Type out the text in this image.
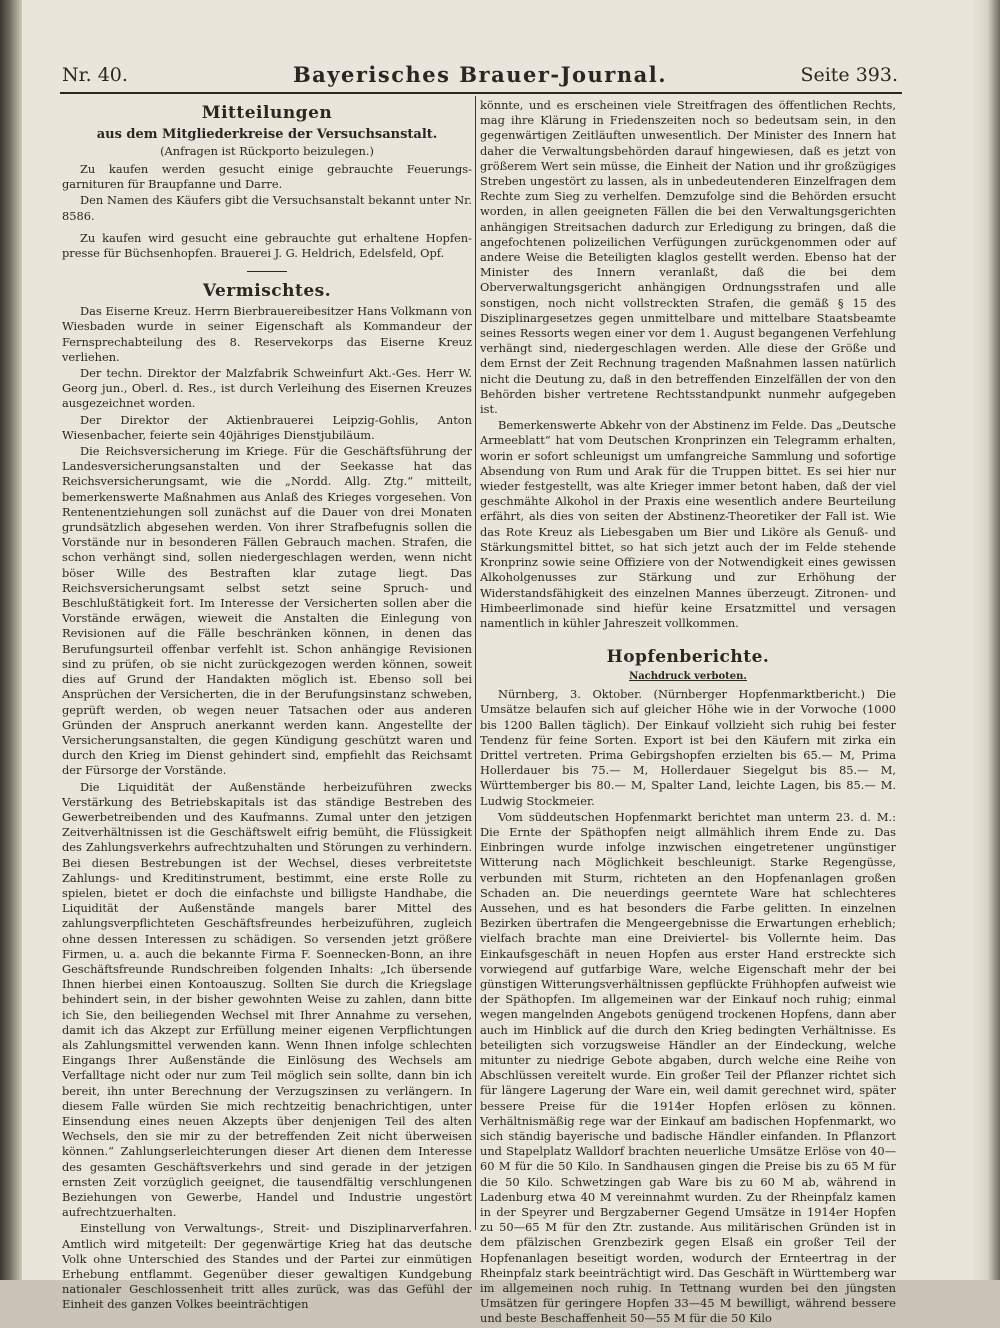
Nr. 40.	Bayerisches Brauer-Journal.	Seite 393.
Mitteilungen
aus dem Mitgliederkreise der Versuchsanstalt.
(Anfragen ist Rückporto beizulegen.)

Zu kaufen werden gesucht einige gebrauchte Feuerungs-garnituren für Braupfanne und Darre.

Den Namen des Käufers gibt die Versuchsanstalt bekannt unter Nr. 8586.

Zu kaufen wird gesucht eine gebrauchte gut erhaltene Hopfen-presse für Büchsenhopfen. Brauerei J. G. Heldrich, Edelsfeld, Opf.

Vermischtes.

Das Eiserne Kreuz. Herrn Bierbrauereibesitzer Hans Volkmann von Wiesbaden wurde in seiner Eigenschaft als Kommandeur der Fernsprechabteilung des 8. Reservekorps das Eiserne Kreuz verliehen.

Der techn. Direktor der Malzfabrik Schweinfurt Akt.-Ges. Herr W. Georg jun., Oberl. d. Res., ist durch Verleihung des Eisernen Kreuzes ausgezeichnet worden.

Der Direktor der Aktienbrauerei Leipzig-Gohlis, Anton Wiesenbacher, feierte sein 40jähriges Dienstjubiläum.

Die Reichsversicherung im Kriege. Für die Geschäftsführung der Landesversicherungsanstalten und der Seekasse hat das Reichsversicherungsamt, wie die „Nordd. Allg. Ztg.“ mitteilt, bemerkenswerte Maßnahmen aus Anlaß des Krieges vorgesehen. Von Rentenentziehungen soll zunächst auf die Dauer von drei Monaten grundsätzlich abgesehen werden. Von ihrer Strafbefugnis sollen die Vorstände nur in besonderen Fällen Gebrauch machen. Strafen, die schon verhängt sind, sollen niedergeschlagen werden, wenn nicht böser Wille des Bestraften klar zutage liegt. Das Reichsversicherungsamt selbst setzt seine Spruch- und Beschlußtätigkeit fort. Im Interesse der Versicherten sollen aber die Vorstände erwägen, wieweit die Anstalten die Einlegung von Revisionen auf die Fälle beschränken können, in denen das Berufungsurteil offenbar verfehlt ist. Schon anhängige Revisionen sind zu prüfen, ob sie nicht zurückgezogen werden können, soweit dies auf Grund der Handakten möglich ist. Ebenso soll bei Ansprüchen der Versicherten, die in der Berufungsinstanz schweben, geprüft werden, ob wegen neuer Tatsachen oder aus anderen Gründen der Anspruch anerkannt werden kann. Angestellte der Versicherungsanstalten, die gegen Kündigung geschützt waren und durch den Krieg im Dienst gehindert sind, empfiehlt das Reichsamt der Fürsorge der Vorstände.

Die Liquidität der Außenstände herbeizuführen zwecks Verstärkung des Betriebskapitals ist das ständige Bestreben des Gewerbetreibenden und des Kaufmanns. Zumal unter den jetzigen Zeitverhältnissen ist die Geschäftswelt eifrig bemüht, die Flüssigkeit des Zahlungsverkehrs aufrechtzuhalten und Störungen zu verhindern. Bei diesen Bestrebungen ist der Wechsel, dieses verbreitetste Zahlungs- und Kreditinstrument, bestimmt, eine erste Rolle zu spielen, bietet er doch die einfachste und billigste Handhabe, die Liquidität der Außenstände mangels barer Mittel des zahlungsverpflichteten Geschäftsfreundes herbeizuführen, zugleich ohne dessen Interessen zu schädigen. So versenden jetzt größere Firmen, u. a. auch die bekannte Firma F. Soennecken-Bonn, an ihre Geschäftsfreunde Rundschreiben folgenden Inhalts: „Ich übersende Ihnen hierbei einen Kontoauszug. Sollten Sie durch die Kriegslage behindert sein, in der bisher gewohnten Weise zu zahlen, dann bitte ich Sie, den beiliegenden Wechsel mit Ihrer Annahme zu versehen, damit ich das Akzept zur Erfüllung meiner eigenen Verpflichtungen als Zahlungsmittel verwenden kann. Wenn Ihnen infolge schlechten Eingangs Ihrer Außenstände die Einlösung des Wechsels am Verfalltage nicht oder nur zum Teil möglich sein sollte, dann bin ich bereit, ihn unter Berechnung der Verzugszinsen zu verlängern. In diesem Falle würden Sie mich rechtzeitig benachrichtigen, unter Einsendung eines neuen Akzepts über denjenigen Teil des alten Wechsels, den sie mir zu der betreffenden Zeit nicht überweisen können.“ Zahlungserleichterungen dieser Art dienen dem Interesse des gesamten Geschäftsverkehrs und sind gerade in der jetzigen ernsten Zeit vorzüglich geeignet, die tausendfältig verschlungenen Beziehungen von Gewerbe, Handel und Industrie ungestört aufrechtzuerhalten.

Einstellung von Verwaltungs-, Streit- und Disziplinarverfahren. Amtlich wird mitgeteilt: Der gegenwärtige Krieg hat das deutsche Volk ohne Unterschied des Standes und der Partei zur einmütigen Erhebung entflammt. Gegenüber dieser gewaltigen Kundgebung nationaler Geschlossenheit tritt alles zurück, was das Gefühl der Einheit des ganzen Volkes beeinträchtigen

könnte, und es erscheinen viele Streitfragen des öffentlichen Rechts, mag ihre Klärung in Friedenszeiten noch so bedeutsam sein, in den gegenwärtigen Zeitläuften unwesentlich. Der Minister des Innern hat daher die Verwaltungsbehörden darauf hingewiesen, daß es jetzt von größerem Wert sein müsse, die Einheit der Nation und ihr großzügiges Streben ungestört zu lassen, als in unbedeutenderen Einzelfragen dem Rechte zum Sieg zu verhelfen. Demzufolge sind die Behörden ersucht worden, in allen geeigneten Fällen die bei den Verwaltungsgerichten anhängigen Streitsachen dadurch zur Erledigung zu bringen, daß die angefochtenen polizeilichen Verfügungen zurückgenommen oder auf andere Weise die Beteiligten klaglos gestellt werden. Ebenso hat der Minister des Innern veranlaßt, daß die bei dem Oberverwaltungsgericht anhängigen Ordnungsstrafen und alle sonstigen, noch nicht vollstreckten Strafen, die gemäß § 15 des Disziplinargesetzes gegen unmittelbare und mittelbare Staatsbeamte seines Ressorts wegen einer vor dem 1. August begangenen Verfehlung verhängt sind, niedergeschlagen werden. Alle diese der Größe und dem Ernst der Zeit Rechnung tragenden Maßnahmen lassen natürlich nicht die Deutung zu, daß in den betreffenden Einzelfällen der von den Behörden bisher vertretene Rechtsstandpunkt nunmehr aufgegeben ist.

Bemerkenswerte Abkehr von der Abstinenz im Felde. Das „Deutsche Armeeblatt“ hat vom Deutschen Kronprinzen ein Telegramm erhalten, worin er sofort schleunigst um umfangreiche Sammlung und sofortige Absendung von Rum und Arak für die Truppen bittet. Es sei hier nur wieder festgestellt, was alte Krieger immer betont haben, daß der viel geschmähte Alkohol in der Praxis eine wesentlich andere Beurteilung erfährt, als dies von seiten der Abstinenz-Theoretiker der Fall ist. Wie das Rote Kreuz als Liebesgaben um Bier und Liköre als Genuß- und Stärkungsmittel bittet, so hat sich jetzt auch der im Felde stehende Kronprinz sowie seine Offiziere von der Notwendigkeit eines gewissen Alkoholgenusses zur Stärkung und zur Erhöhung der Widerstandsfähigkeit des einzelnen Mannes überzeugt. Zitronen- und Himbeerlimonade sind hiefür keine Ersatzmittel und versagen namentlich in kühler Jahreszeit vollkommen.

Hopfenberichte.
Nachdruck verboten.

Nürnberg, 3. Oktober. (Nürnberger Hopfenmarktbericht.) Die Umsätze belaufen sich auf gleicher Höhe wie in der Vorwoche (1000 bis 1200 Ballen täglich). Der Einkauf vollzieht sich ruhig bei fester Tendenz für feine Sorten. Export ist bei den Käufern mit zirka ein Drittel vertreten. Prima Gebirgshopfen erzielten bis 65.— M, Prima Hollerdauer bis 75.— M, Hollerdauer Siegelgut bis 85.— M, Württemberger bis 80.— M, Spalter Land, leichte Lagen, bis 85.— M. Ludwig Stockmeier.

Vom süddeutschen Hopfenmarkt berichtet man unterm 23. d. M.: Die Ernte der Späthopfen neigt allmählich ihrem Ende zu. Das Einbringen wurde infolge inzwischen eingetretener ungünstiger Witterung nach Möglichkeit beschleunigt. Starke Regengüsse, verbunden mit Sturm, richteten an den Hopfenanlagen großen Schaden an. Die neuerdings geerntete Ware hat schlechteres Aussehen, und es hat besonders die Farbe gelitten. In einzelnen Bezirken übertrafen die Mengeergebnisse die Erwartungen erheblich; vielfach brachte man eine Dreiviertel- bis Vollernte heim. Das Einkaufsgeschäft in neuen Hopfen aus erster Hand erstreckte sich vorwiegend auf gutfarbige Ware, welche Eigenschaft mehr der bei günstigen Witterungsverhältnissen gepflückte Frühhopfen aufweist wie der Späthopfen. Im allgemeinen war der Einkauf noch ruhig; einmal wegen mangelnden Angebots genügend trockenen Hopfens, dann aber auch im Hinblick auf die durch den Krieg bedingten Verhältnisse. Es beteiligten sich vorzugsweise Händler an der Eindeckung, welche mitunter zu niedrige Gebote abgaben, durch welche eine Reihe von Abschlüssen vereitelt wurde. Ein großer Teil der Pflanzer richtet sich für längere Lagerung der Ware ein, weil damit gerechnet wird, später bessere Preise für die 1914er Hopfen erlösen zu können. Verhältnismäßig rege war der Einkauf am badischen Hopfenmarkt, wo sich ständig bayerische und badische Händler einfanden. In Pflanzort und Stapelplatz Walldorf brachten neuerliche Umsätze Erlöse von 40—60 M für die 50 Kilo. In Sandhausen gingen die Preise bis zu 65 M für die 50 Kilo. Schwetzingen gab Ware bis zu 60 M ab, während in Ladenburg etwa 40 M vereinnahmt wurden. Zu der Rheinpfalz kamen in der Speyrer und Bergzaberner Gegend Umsätze in 1914er Hopfen zu 50—65 M für den Ztr. zustande. Aus militärischen Gründen ist in dem pfälzischen Grenzbezirk gegen Elsaß ein großer Teil der Hopfenanlagen beseitigt worden, wodurch der Ernteertrag in der Rheinpfalz stark beeinträchtigt wird. Das Geschäft in Württemberg war im allgemeinen noch ruhig. In Tettnang wurden bei den jüngsten Umsätzen für geringere Hopfen 33—45 M bewilligt, während bessere und beste Beschaffenheit 50—55 M für die 50 Kilo
